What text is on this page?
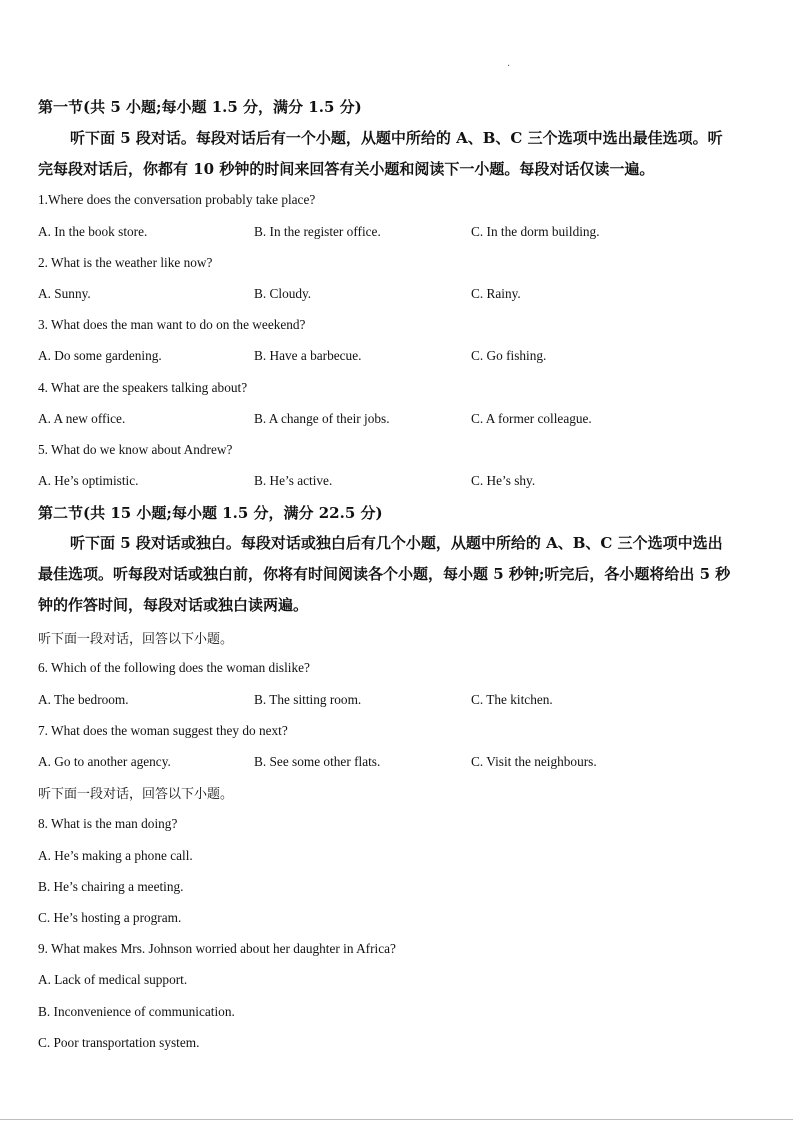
.
第一节(共 5 小题;每小题 1.5 分，满分 1.5 分)
听下面 5 段对话。每段对话后有一个小题，从题中所给的 A、B、C 三个选项中选出最佳选项。听
完每段对话后，你都有 10 秒钟的时间来回答有关小题和阅读下一小题。每段对话仅读一遍。
1.Where does the conversation probably take place?
A. In the book store.	B. In the register office.	C. In the dorm building.
2. What is the weather like now?
A. Sunny.	B. Cloudy.	C. Rainy.
3. What does the man want to do on the weekend?
A. Do some gardening.	B. Have a barbecue.	C. Go fishing.
4. What are the speakers talking about?
A. A new office.	B. A change of their jobs.	C. A former colleague.
5. What do we know about Andrew?
A. He’s optimistic.	B. He’s active.	C. He’s shy.
第二节(共 15 小题;每小题 1.5 分，满分 22.5 分)
听下面 5 段对话或独白。每段对话或独白后有几个小题，从题中所给的 A、B、C 三个选项中选出
最佳选项。听每段对话或独白前，你将有时间阅读各个小题，每小题 5 秒钟;听完后，各小题将给出 5 秒
钟的作答时间，每段对话或独白读两遍。
听下面一段对话，回答以下小题。
6. Which of the following does the woman dislike?
A. The bedroom.	B. The sitting room.	C. The kitchen.
7. What does the woman suggest they do next?
A. Go to another agency.	B. See some other flats.	C. Visit the neighbours.
听下面一段对话，回答以下小题。
8. What is the man doing?
A. He’s making a phone call.
B. He’s chairing a meeting.
C. He’s hosting a program.
9. What makes Mrs. Johnson worried about her daughter in Africa?
A. Lack of medical support.
B. Inconvenience of communication.
C. Poor transportation system.
